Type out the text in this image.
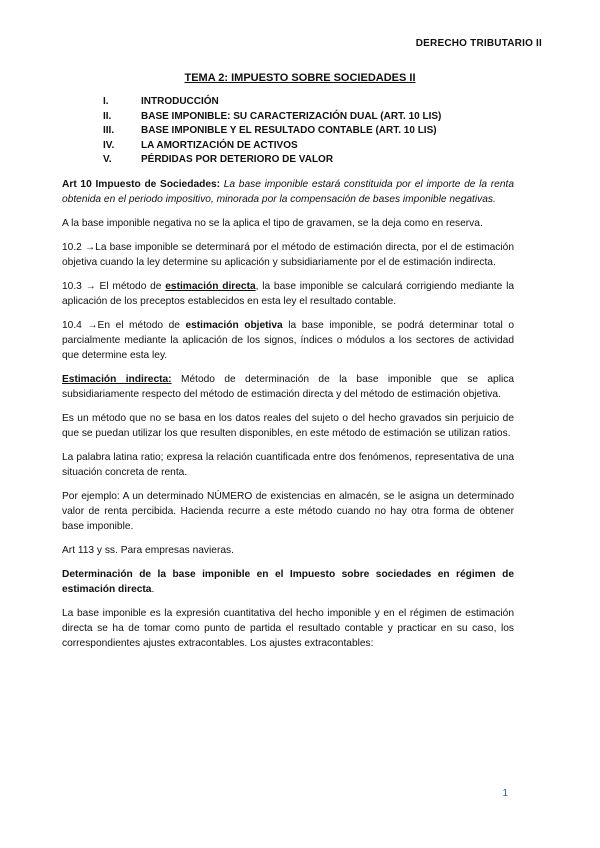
DERECHO TRIBUTARIO II
TEMA 2: IMPUESTO SOBRE SOCIEDADES II
I.	INTRODUCCIÓN
II.	BASE IMPONIBLE: SU CARACTERIZACIÓN DUAL (ART. 10 LIS)
III.	BASE IMPONIBLE Y EL RESULTADO CONTABLE (ART. 10 LIS)
IV.	LA AMORTIZACIÓN DE ACTIVOS
V.	PÉRDIDAS POR DETERIORO DE VALOR

Art 10 Impuesto de Sociedades: La base imponible estará constituida por el importe de la renta obtenida en el periodo impositivo, minorada por la compensación de bases imponible negativas.

A la base imponible negativa no se la aplica el tipo de gravamen, se la deja como en reserva.

10.2 →La base imponible se determinará por el método de estimación directa, por el de estimación objetiva cuando la ley determine su aplicación y subsidiariamente por el de estimación indirecta.

10.3 → El método de estimación directa, la base imponible se calculará corrigiendo mediante la aplicación de los preceptos establecidos en esta ley el resultado contable.

10.4 →En el método de estimación objetiva la base imponible, se podrá determinar total o parcialmente mediante la aplicación de los signos, índices o módulos a los sectores de actividad que determine esta ley.

Estimación indirecta: Método de determinación de la base imponible que se aplica subsidiariamente respecto del método de estimación directa y del método de estimación objetiva.

Es un método que no se basa en los datos reales del sujeto o del hecho gravados sin perjuicio de que se puedan utilizar los que resulten disponibles, en este método de estimación se utilizan ratios.

La palabra latina ratio; expresa la relación cuantificada entre dos fenómenos, representativa de una situación concreta de renta.

Por ejemplo: A un determinado NÚMERO de existencias en almacén, se le asigna un determinado valor de renta percibida. Hacienda recurre a este método cuando no hay otra forma de obtener base imponible.

Art 113 y ss. Para empresas navieras.

Determinación de la base imponible en el Impuesto sobre sociedades en régimen de estimación directa.

La base imponible es la expresión cuantitativa del hecho imponible y en el régimen de estimación directa se ha de tomar como punto de partida el resultado contable y practicar en su caso, los correspondientes ajustes extracontables. Los ajustes extracontables:

1
